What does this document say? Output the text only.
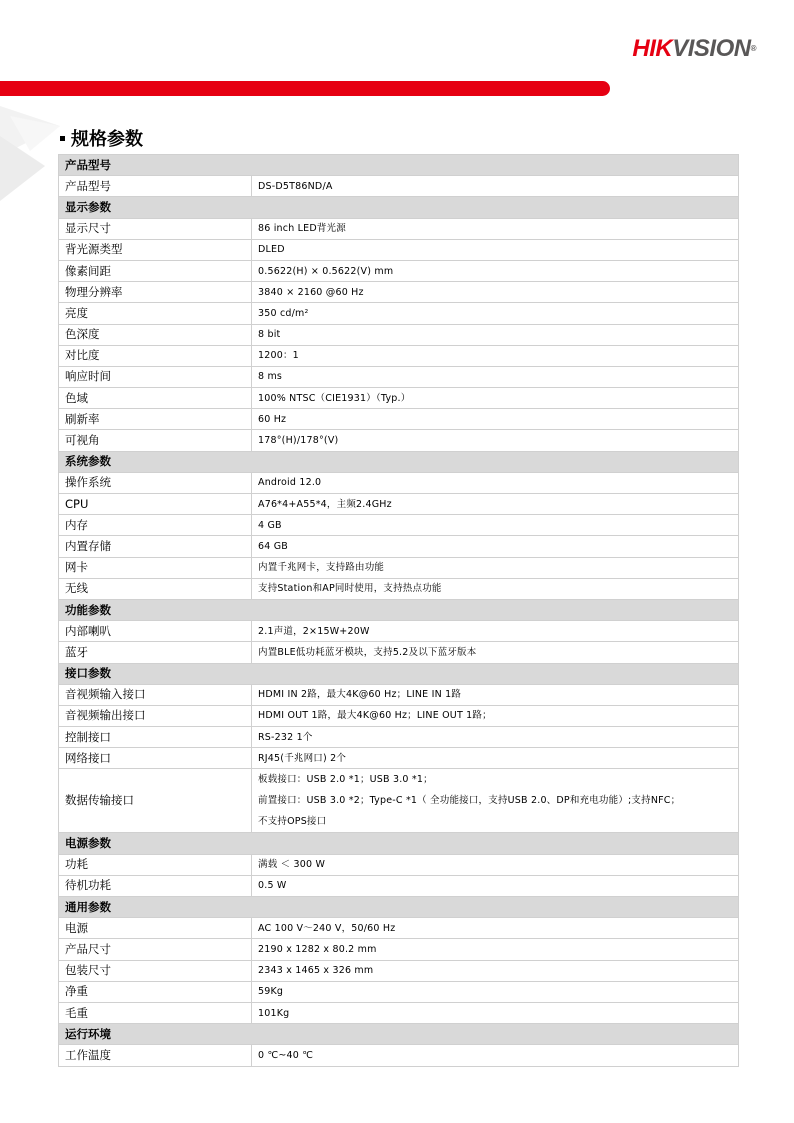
HIKVISION®
规格参数
产品型号	
产品型号	DS-D5T86ND/A
显示参数	
显示尺寸	86 inch LED背光源
背光源类型	DLED
像素间距	0.5622(H) × 0.5622(V) mm
物理分辨率	3840 × 2160 @60 Hz
亮度	350 cd/m²
色深度	8 bit
对比度	1200：1
响应时间	8 ms
色域	100% NTSC（CIE1931）（Typ.）
刷新率	60 Hz
可视角	178°(H)/178°(V)
系统参数	
操作系统	Android 12.0
CPU	A76*4+A55*4，主频2.4GHz
内存	4 GB
内置存储	64 GB
网卡	内置千兆网卡，支持路由功能
无线	支持Station和AP同时使用，支持热点功能
功能参数	
内部喇叭	2.1声道，2×15W+20W
蓝牙	内置BLE低功耗蓝牙模块，支持5.2及以下蓝牙版本
接口参数	
音视频输入接口	HDMI IN 2路，最大4K@60 Hz；LINE IN 1路
音视频输出接口	HDMI OUT 1路，最大4K@60 Hz；LINE OUT 1路；
控制接口	RS-232 1个
网络接口	RJ45(千兆网口) 2个
数据传输接口	板载接口：USB 2.0 *1；USB 3.0 *1；
前置接口：USB 3.0 *2；Type-C *1（ 全功能接口，支持USB 2.0、DP和充电功能）;支持NFC；
不支持OPS接口

电源参数	
功耗	满载 ＜ 300 W
待机功耗	0.5 W
通用参数	
电源	AC 100 V～240 V，50/60 Hz
产品尺寸	2190 x 1282 x 80.2 mm
包装尺寸	2343 x 1465 x 326 mm
净重	59Kg
毛重	101Kg
运行环境	
工作温度	0 ℃~40 ℃
